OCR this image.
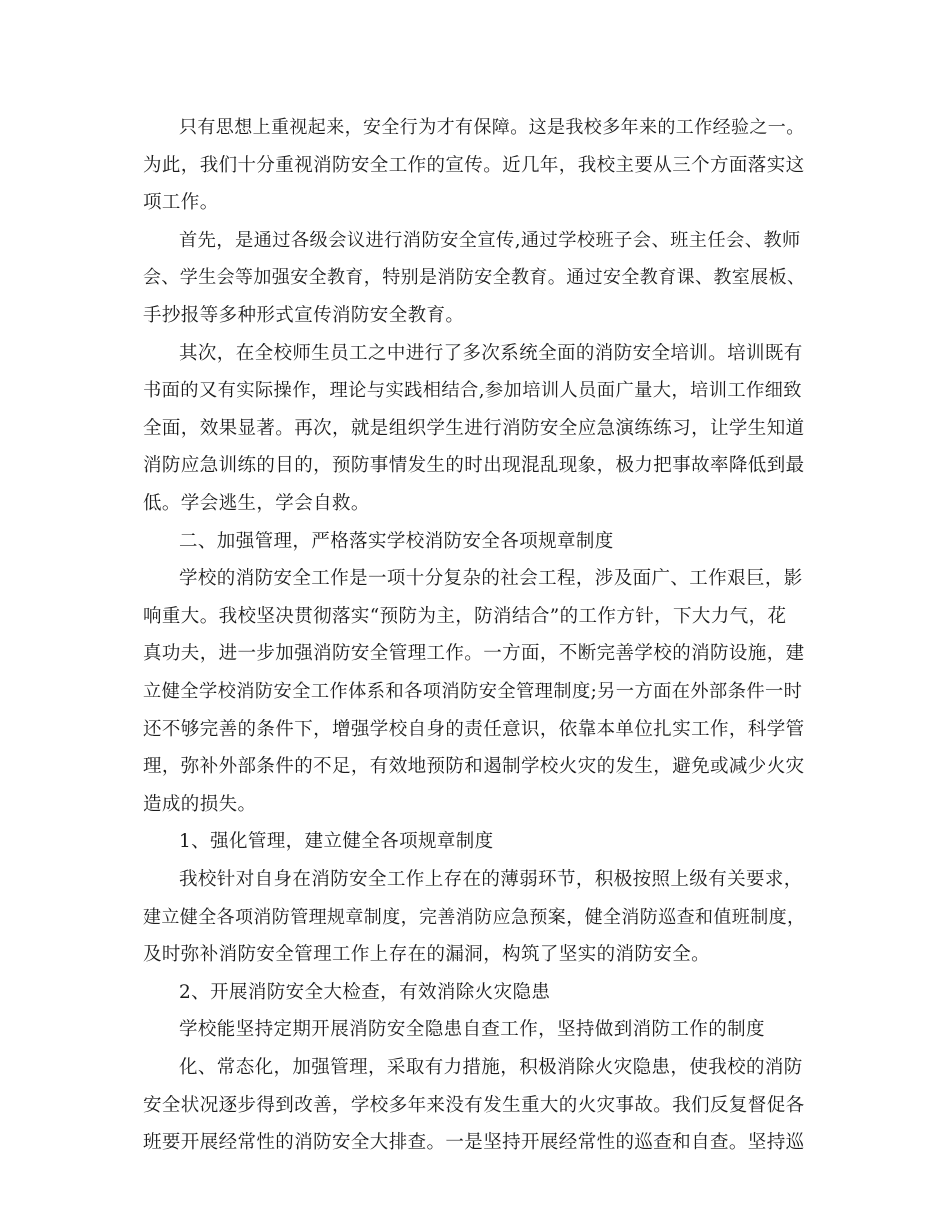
只有思想上重视起来，安全行为才有保障。这是我校多年来的工作经验之一。
为此，我们十分重视消防安全工作的宣传。近几年，我校主要从三个方面落实这
项工作。
首先，是通过各级会议进行消防安全宣传,通过学校班子会、班主任会、教师
会、学生会等加强安全教育，特别是消防安全教育。通过安全教育课、教室展板、
手抄报等多种形式宣传消防安全教育。
其次，在全校师生员工之中进行了多次系统全面的消防安全培训。培训既有
书面的又有实际操作，理论与实践相结合,参加培训人员面广量大，培训工作细致
全面，效果显著。再次，就是组织学生进行消防安全应急演练练习，让学生知道
消防应急训练的目的，预防事情发生的时出现混乱现象，极力把事故率降低到最
低。学会逃生，学会自救。
二、加强管理，严格落实学校消防安全各项规章制度
学校的消防安全工作是一项十分复杂的社会工程，涉及面广、工作艰巨，影
响重大。我校坚决贯彻落实“预防为主，防消结合”的工作方针，下大力气，花
真功夫，进一步加强消防安全管理工作。一方面，不断完善学校的消防设施，建
立健全学校消防安全工作体系和各项消防安全管理制度;另一方面在外部条件一时
还不够完善的条件下，增强学校自身的责任意识，依靠本单位扎实工作，科学管
理，弥补外部条件的不足，有效地预防和遏制学校火灾的发生，避免或减少火灾
造成的损失。
1、强化管理，建立健全各项规章制度
我校针对自身在消防安全工作上存在的薄弱环节，积极按照上级有关要求，
建立健全各项消防管理规章制度，完善消防应急预案，健全消防巡查和值班制度，
及时弥补消防安全管理工作上存在的漏洞，构筑了坚实的消防安全。
2、开展消防安全大检查，有效消除火灾隐患
学校能坚持定期开展消防安全隐患自查工作，坚持做到消防工作的制度
化、常态化，加强管理，采取有力措施，积极消除火灾隐患，使我校的消防
安全状况逐步得到改善，学校多年来没有发生重大的火灾事故。我们反复督促各
班要开展经常性的消防安全大排查。一是坚持开展经常性的巡查和自查。坚持巡
